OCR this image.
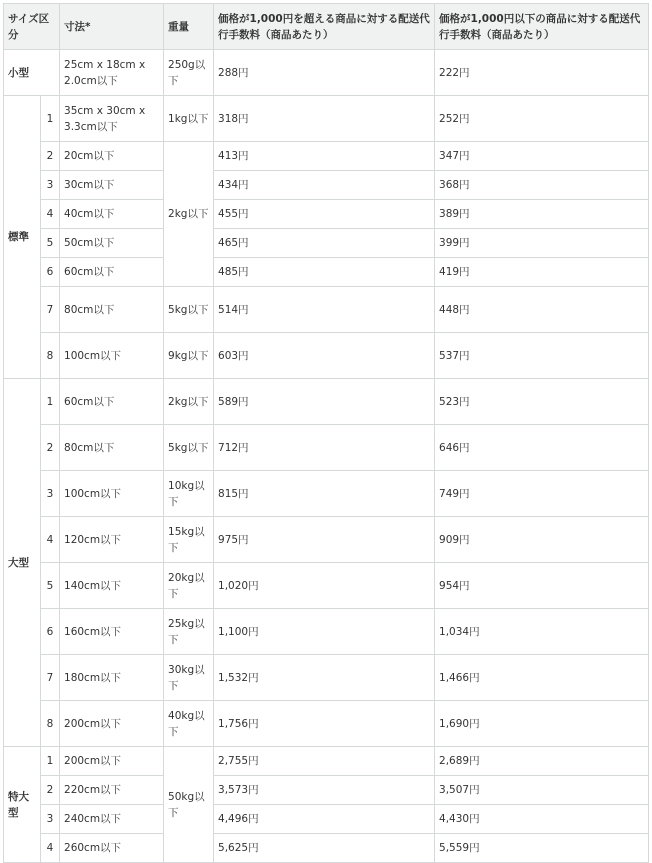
サイズ区分		寸法*	重量	価格が1,000円を超える商品に対する配送代行手数料（商品あたり）	価格が1,000円以下の商品に対する配送代行手数料（商品あたり）
小型		25cm x 18cm x 2.0cm以下	250g以下	288円	222円
標準	1	35cm x 30cm x 3.3cm以下	1kg以下	318円	252円
	2	20cm以下	2kg以下	413円	347円
	3	30cm以下		434円	368円
	4	40cm以下		455円	389円
	5	50cm以下		465円	399円
	6	60cm以下		485円	419円
	7	80cm以下	5kg以下	514円	448円
	8	100cm以下	9kg以下	603円	537円
大型	1	60cm以下	2kg以下	589円	523円
	2	80cm以下	5kg以下	712円	646円
	3	100cm以下	10kg以下	815円	749円
	4	120cm以下	15kg以下	975円	909円
	5	140cm以下	20kg以下	1,020円	954円
	6	160cm以下	25kg以下	1,100円	1,034円
	7	180cm以下	30kg以下	1,532円	1,466円
	8	200cm以下	40kg以下	1,756円	1,690円
特大型	1	200cm以下	50kg以下	2,755円	2,689円
	2	220cm以下		3,573円	3,507円
	3	240cm以下		4,496円	4,430円
	4	260cm以下		5,625円	5,559円
